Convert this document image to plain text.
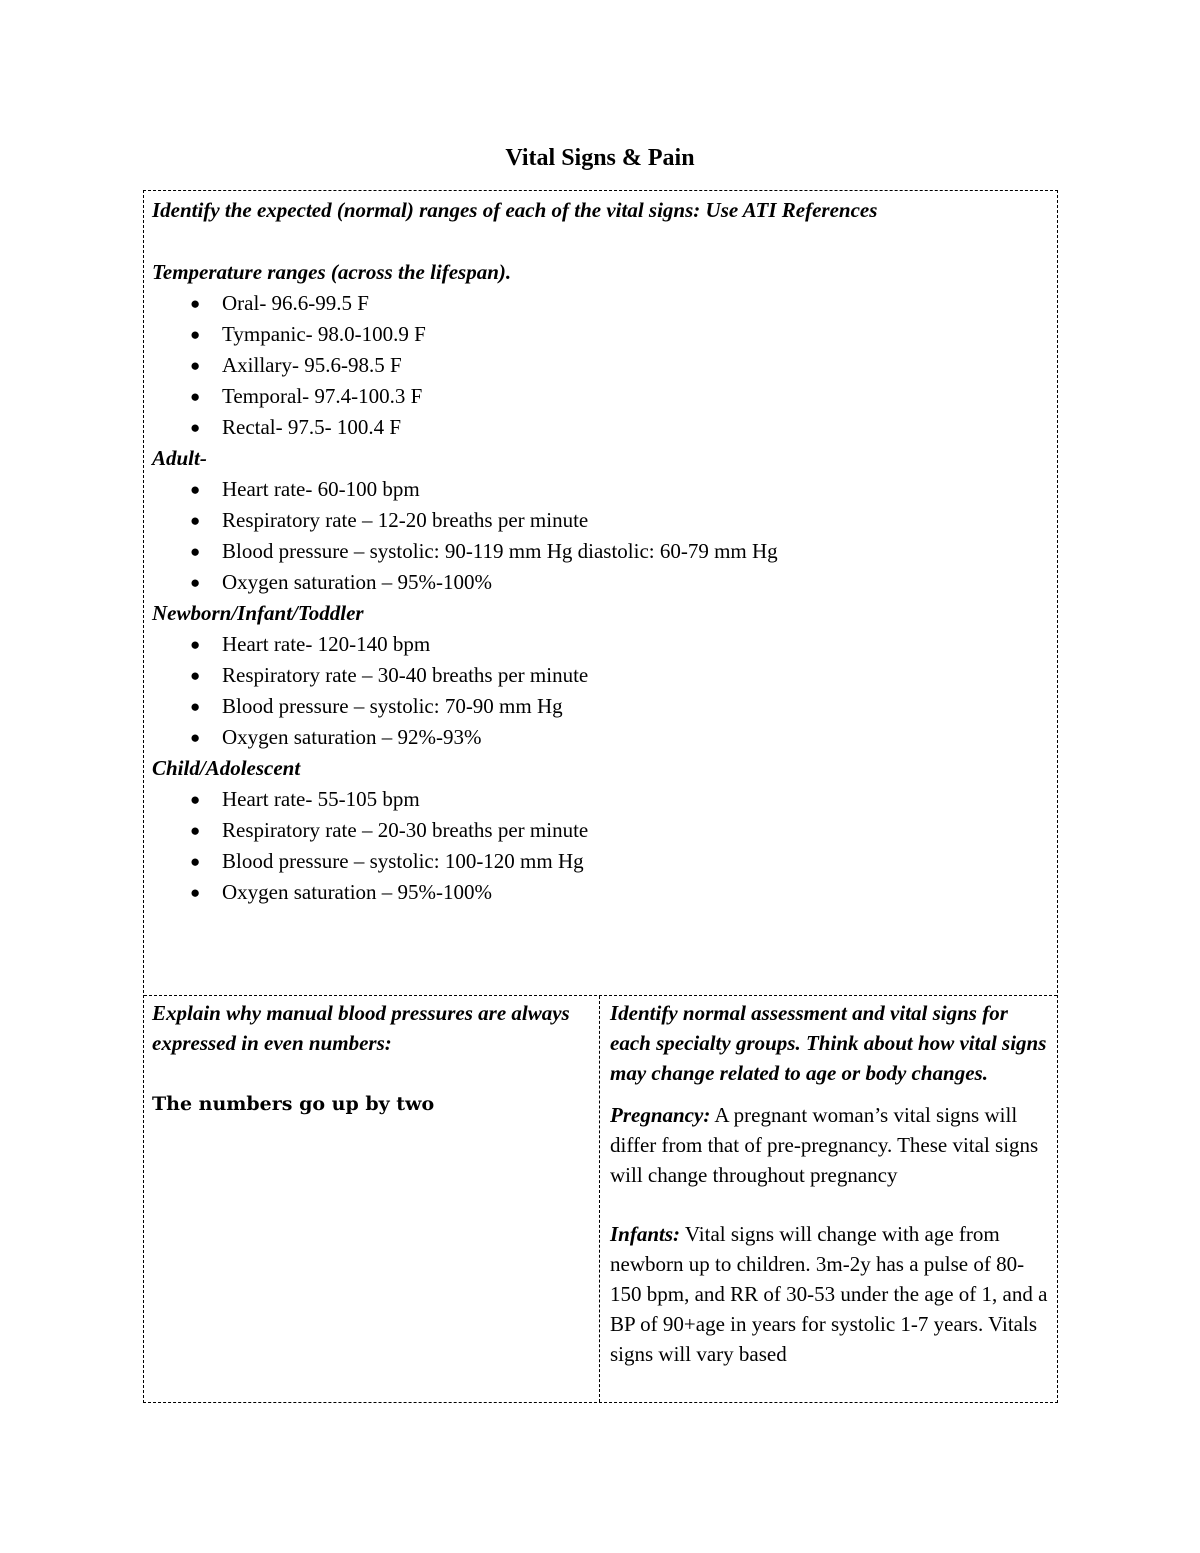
Vital Signs & Pain
Identify the expected (normal) ranges of each of the vital signs: Use ATI References
Temperature ranges (across the lifespan).
● Oral- 96.6-99.5 F
● Tympanic- 98.0-100.9 F
● Axillary- 95.6-98.5 F
● Temporal- 97.4-100.3 F
● Rectal- 97.5- 100.4 F
Adult-
● Heart rate- 60-100 bpm
● Respiratory rate – 12-20 breaths per minute
● Blood pressure – systolic: 90-119 mm Hg diastolic: 60-79 mm Hg
● Oxygen saturation – 95%-100%
Newborn/Infant/Toddler
● Heart rate- 120-140 bpm
● Respiratory rate – 30-40 breaths per minute
● Blood pressure – systolic: 70-90 mm Hg
● Oxygen saturation – 92%-93%
Child/Adolescent
● Heart rate- 55-105 bpm
● Respiratory rate – 20-30 breaths per minute
● Blood pressure – systolic: 100-120 mm Hg
● Oxygen saturation – 95%-100%
Explain why manual blood pressures are always expressed in even numbers:
The numbers go up by two
Identify normal assessment and vital signs for each specialty groups. Think about how vital signs may change related to age or body changes.

Pregnancy: A pregnant woman’s vital signs will differ from that of pre-pregnancy. These vital signs will change throughout pregnancy

Infants: Vital signs will change with age from newborn up to children. 3m-2y has a pulse of 80-150 bpm, and RR of 30-53 under the age of 1, and a BP of 90+age in years for systolic 1-7 years. Vitals signs will vary based
